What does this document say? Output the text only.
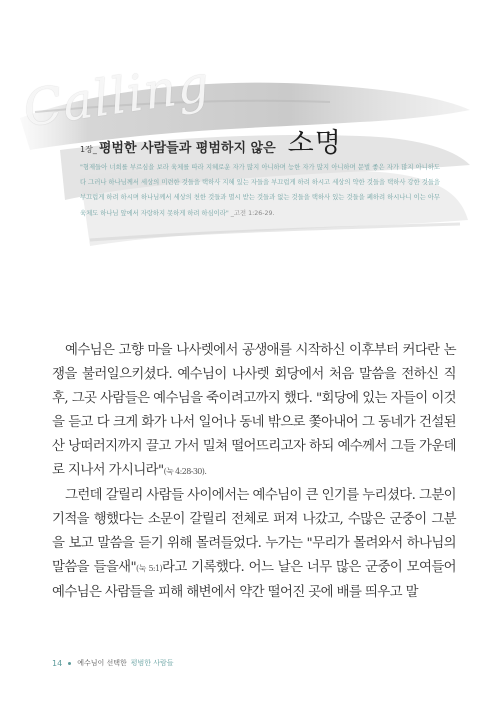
Calling
1장_ 평범한 사람들과 평범하지 않은 소명
"형제들아 너희를 부르심을 보라 육체를 따라 지혜로운 자가 많지 아니하며 능한 자가 많지 아니하며 문벌 좋은 자가 많지 아니하도다 그러나 하나님께서 세상의 미련한 것들을 택하사 지혜 있는 자들을 부끄럽게 하려 하시고 세상의 약한 것들을 택하사 강한 것들을 부끄럽게 하려 하시며 하나님께서 세상의 천한 것들과 멸시 받는 것들과 없는 것들을 택하사 있는 것들을 폐하려 하시나니 이는 아무 육체도 하나님 앞에서 자랑하지 못하게 하려 하심이라" _고전 1:26-29.

예수님은 고향 마을 나사렛에서 공생애를 시작하신 이후부터 커다란 논쟁을 불러일으키셨다. 예수님이 나사렛 회당에서 처음 말씀을 전하신 직후, 그곳 사람들은 예수님을 죽이려고까지 했다. "회당에 있는 자들이 이것을 듣고 다 크게 화가 나서 일어나 동네 밖으로 쫓아내어 그 동네가 건설된 산 낭떠러지까지 끌고 가서 밀쳐 떨어뜨리고자 하되 예수께서 그들 가운데로 지나서 가시니라"(눅 4:28-30).

그런데 갈릴리 사람들 사이에서는 예수님이 큰 인기를 누리셨다. 그분이 기적을 행했다는 소문이 갈릴리 전체로 퍼져 나갔고, 수많은 군중이 그분을 보고 말씀을 듣기 위해 몰려들었다. 누가는 "무리가 몰려와서 하나님의 말씀을 들을새"(눅 5:1)라고 기록했다. 어느 날은 너무 많은 군중이 모여들어 예수님은 사람들을 피해 해변에서 약간 떨어진 곳에 배를 띄우고 말

14 예수님이 선택한 평범한 사람들
